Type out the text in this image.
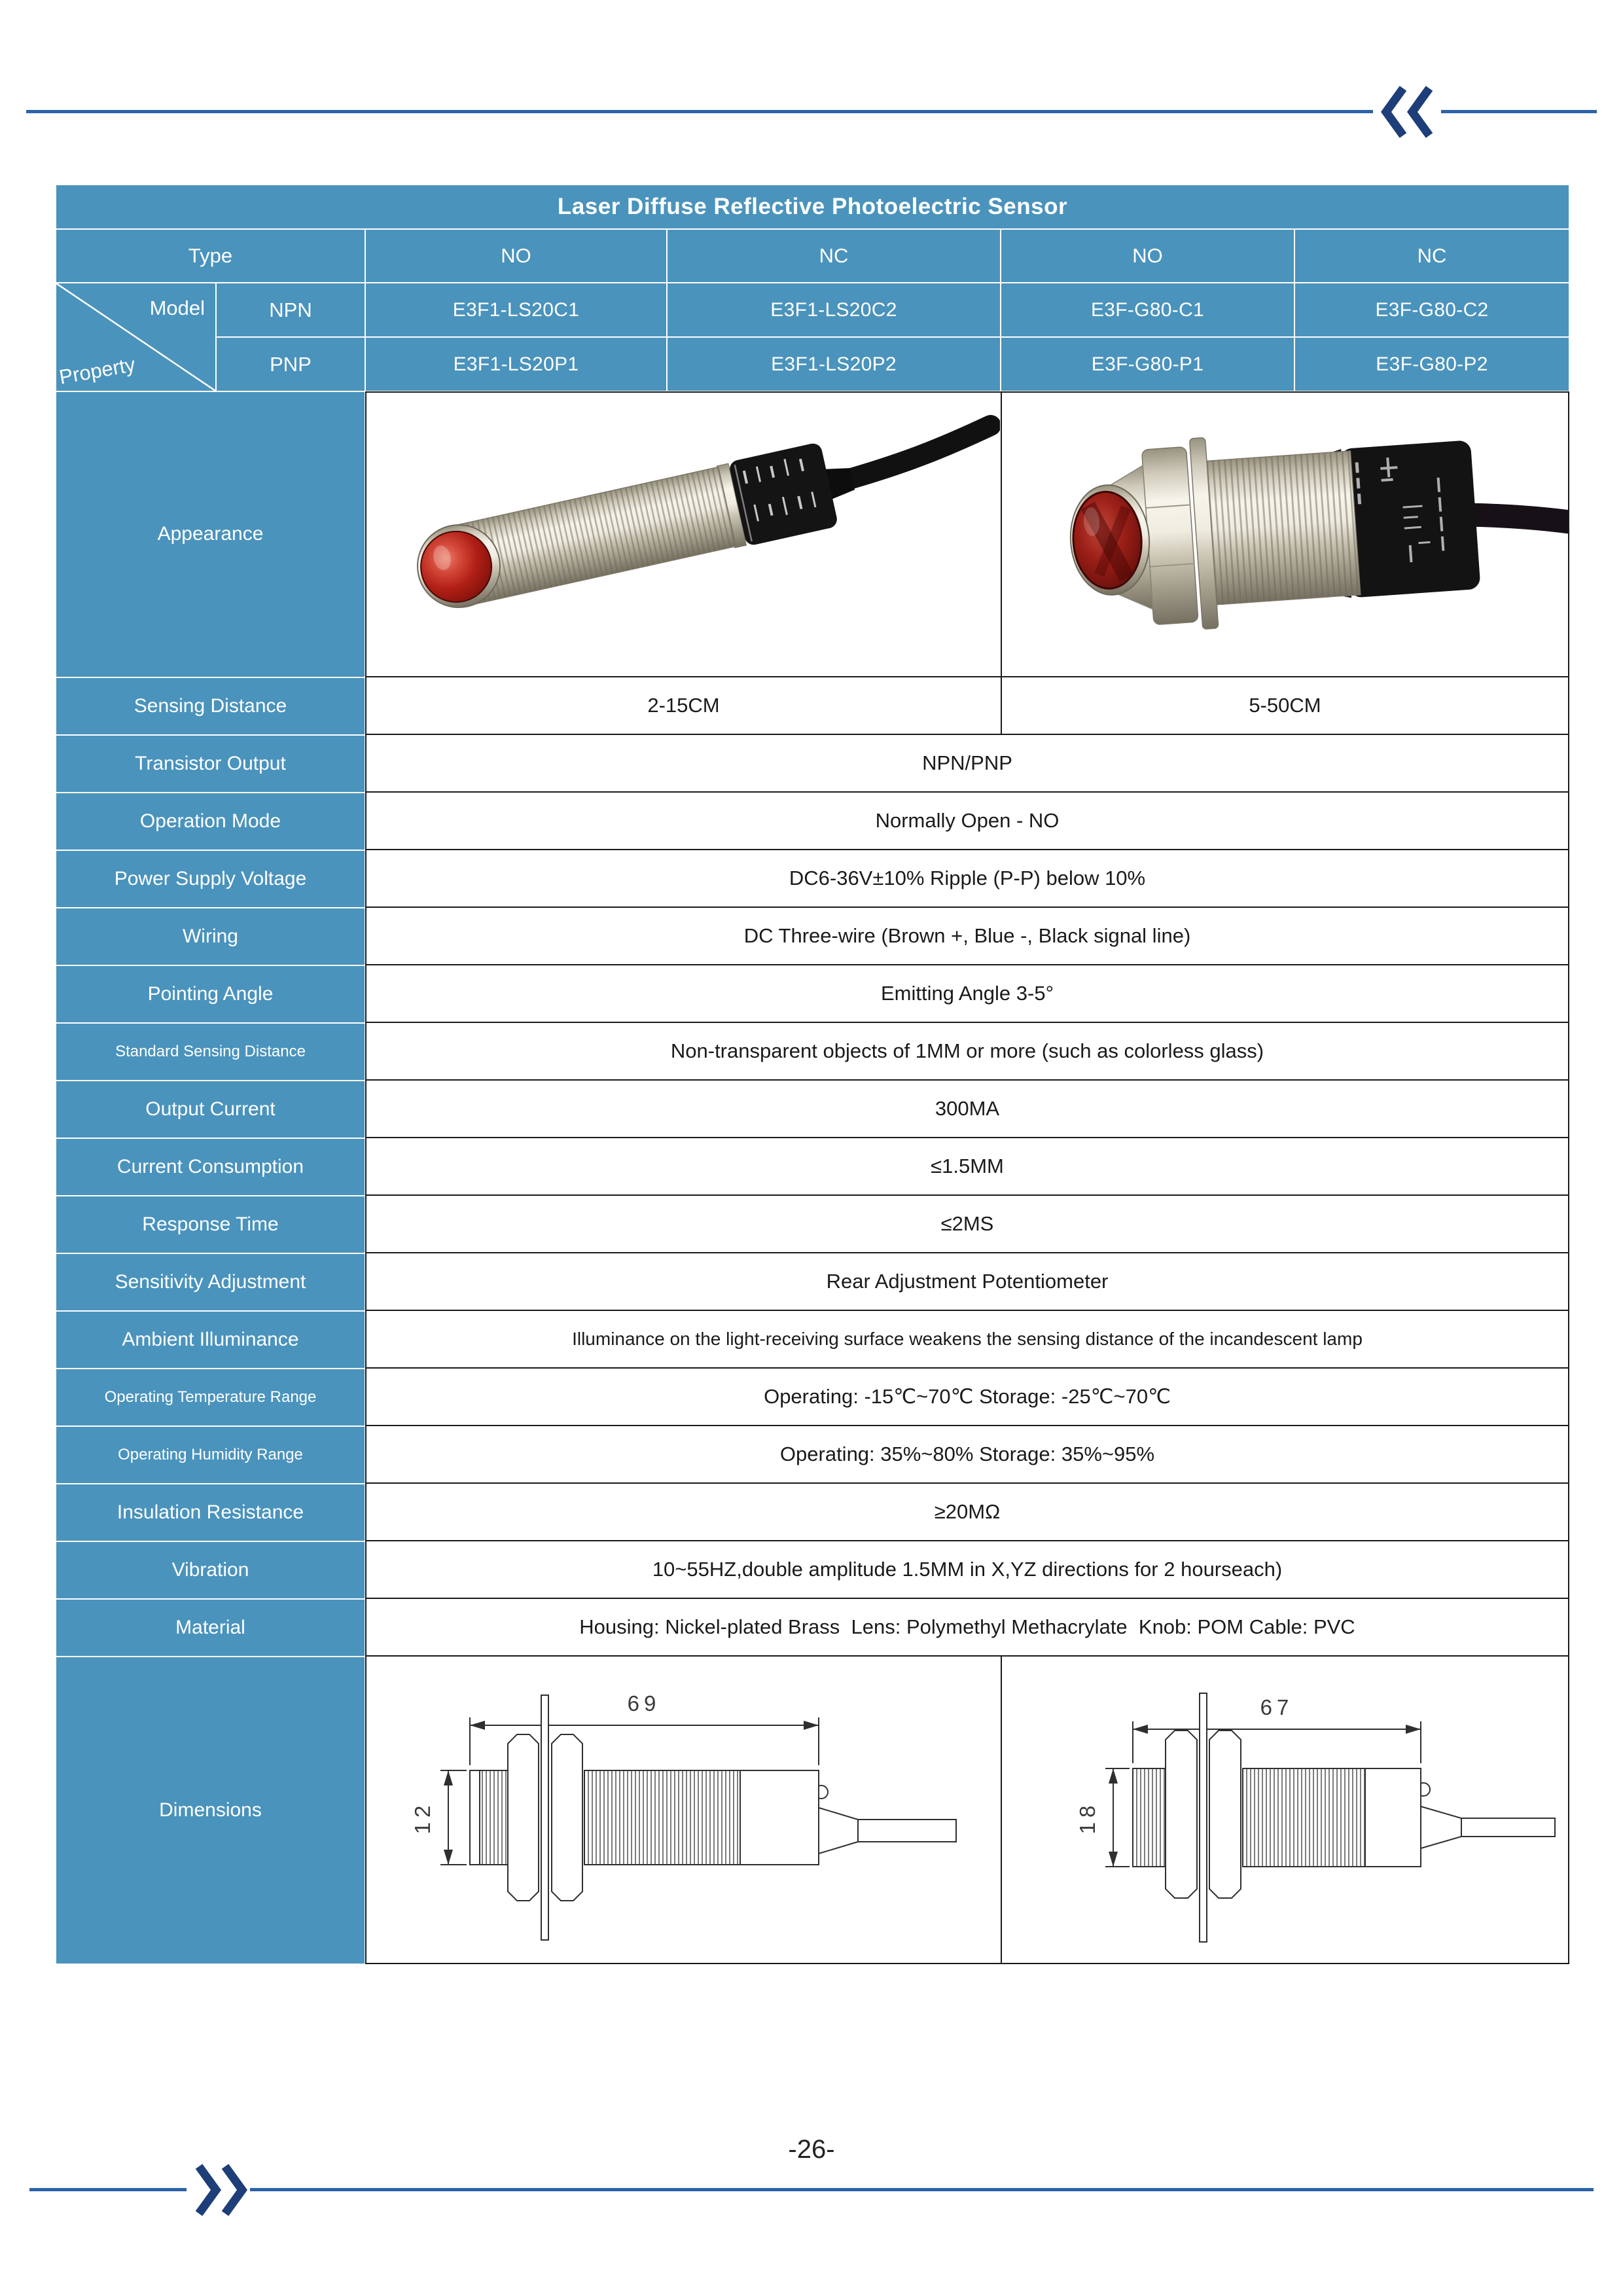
Laser Diffuse Reflective Photoelectric Sensor
Type	NO	NC	NO	NC
Model
Property
NPN	E3F1-LS20C1	E3F1-LS20C2	E3F-G80-C1	E3F-G80-C2
PNP	E3F1-LS20P1	E3F1-LS20P2	E3F-G80-P1	E3F-G80-P2
Appearance
Sensing Distance	2-15CM	5-50CM
Transistor Output	NPN/PNP
Operation Mode	Normally Open - NO
Power Supply Voltage	DC6-36V±10% Ripple (P-P) below 10%
Wiring	DC Three-wire (Brown +, Blue -, Black signal line)
Pointing Angle	Emitting Angle 3-5°
Standard Sensing Distance	Non-transparent objects of 1MM or more (such as colorless glass)
Output Current	300MA
Current Consumption	≤1.5MM
Response Time	≤2MS
Sensitivity Adjustment	Rear Adjustment Potentiometer
Ambient Illuminance	Illuminance on the light-receiving surface weakens the sensing distance of the incandescent lamp
Operating Temperature Range	Operating: -15℃~70℃ Storage: -25℃~70℃
Operating Humidity Range	Operating: 35%~80% Storage: 35%~95%
Insulation Resistance	≥20MΩ
Vibration	10~55HZ,double amplitude 1.5MM in X,YZ directions for 2 hourseach)
Material	Housing: Nickel-plated Brass  Lens: Polymethyl Methacrylate  Knob: POM Cable: PVC
Dimensions
69
12
67
18
-26-
